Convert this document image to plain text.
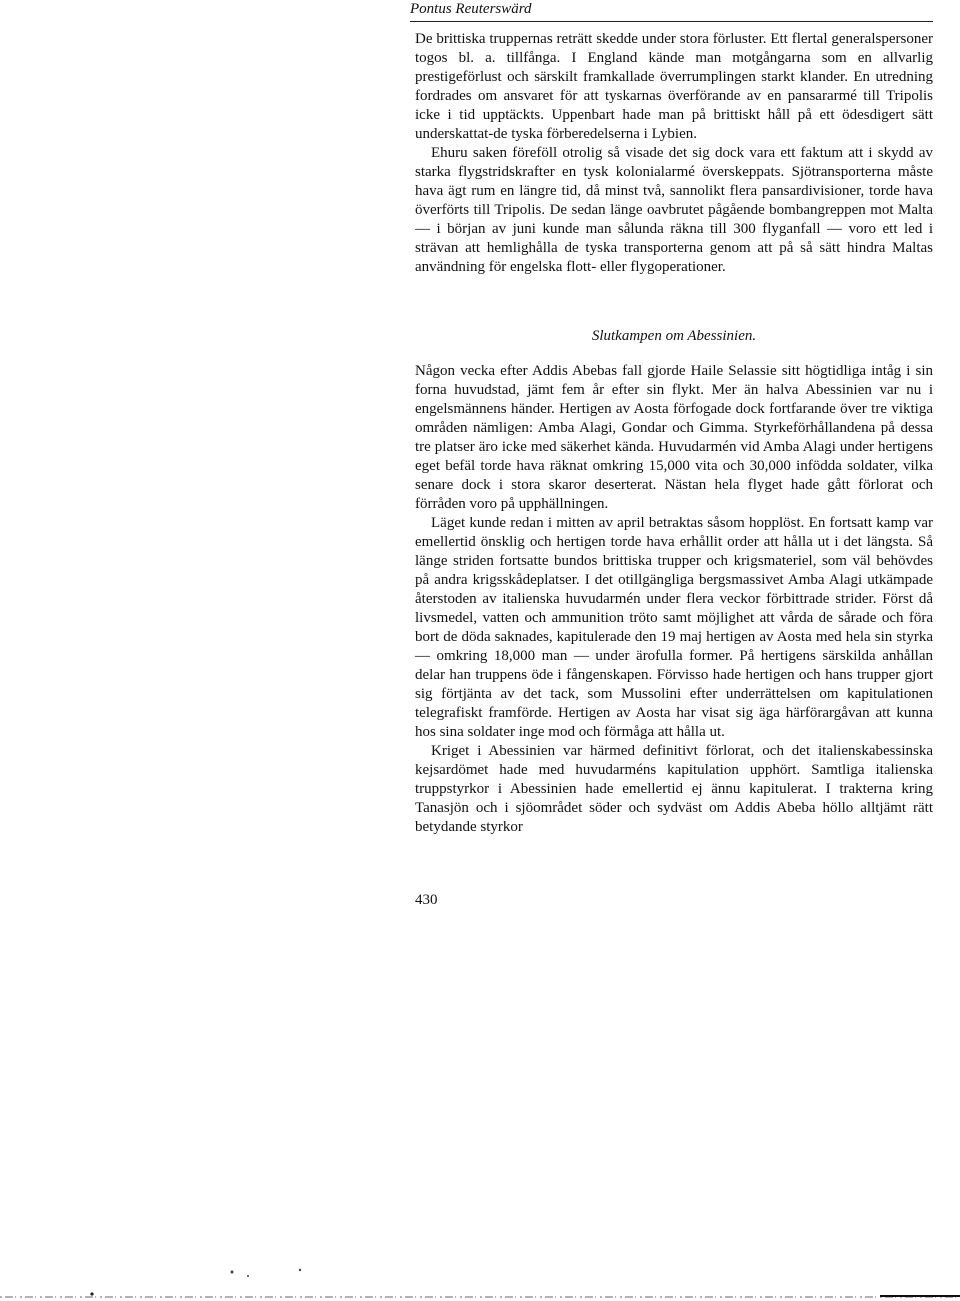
Pontus Reuterswärd

De brittiska truppernas reträtt skedde under stora förluster. Ett flertal generalspersoner togos bl. a. tillfånga. I England kände man motgångarna som en allvarlig prestigeförlust och särskilt framkallade överrumplingen starkt klander. En utredning fordrades om ansvaret för att tyskarnas överförande av en pansararmé till Tripolis icke i tid upptäckts. Uppenbart hade man på brittiskt håll på ett ödesdigert sätt underskattat-de tyska förberedelserna i Lybien.

Ehuru saken föreföll otrolig så visade det sig dock vara ett faktum att i skydd av starka flygstridskrafter en tysk kolonialarmé överskeppats. Sjötransporterna måste hava ägt rum en längre tid, då minst två, sannolikt flera pansardivisioner, torde hava överförts till Tripolis. De sedan länge oavbrutet pågående bombangreppen mot Malta — i början av juni kunde man sålunda räkna till 300 flyganfall — voro ett led i strävan att hemlighålla de tyska transporterna genom att på så sätt hindra Maltas användning för engelska flott- eller flygoperationer.

Slutkampen om Abessinien.

Någon vecka efter Addis Abebas fall gjorde Haile Selassie sitt högtidliga intåg i sin forna huvudstad, jämt fem år efter sin flykt. Mer än halva Abessinien var nu i engelsmännens händer. Hertigen av Aosta förfogade dock fortfarande över tre viktiga områden nämligen: Amba Alagi, Gondar och Gimma. Styrkeförhållandena på dessa tre platser äro icke med säkerhet kända. Huvudarmén vid Amba Alagi under hertigens eget befäl torde hava räknat omkring 15,000 vita och 30,000 infödda soldater, vilka senare dock i stora skaror deserterat. Nästan hela flyget hade gått förlorat och förråden voro på upphällningen.

Läget kunde redan i mitten av april betraktas såsom hopplöst. En fortsatt kamp var emellertid önsklig och hertigen torde hava erhållit order att hålla ut i det längsta. Så länge striden fortsatte bundos brittiska trupper och krigsmateriel, som väl behövdes på andra krigsskådeplatser. I det otillgängliga bergsmassivet Amba Alagi utkämpade återstoden av italienska huvudarmén under flera veckor förbittrade strider. Först då livsmedel, vatten och ammunition tröto samt möjlighet att vårda de sårade och föra bort de döda saknades, kapitulerade den 19 maj hertigen av Aosta med hela sin styrka — omkring 18,000 man — under ärofulla former. På hertigens särskilda anhållan delar han truppens öde i fångenskapen. Förvisso hade hertigen och hans trupper gjort sig förtjänta av det tack, som Mussolini efter underrättelsen om kapitulationen telegrafiskt framförde. Hertigen av Aosta har visat sig äga härförargåvan att kunna hos sina soldater inge mod och förmåga att hålla ut.

Kriget i Abessinien var härmed definitivt förlorat, och det italienskabessinska kejsardömet hade med huvudarméns kapitulation upphört. Samtliga italienska truppstyrkor i Abessinien hade emellertid ej ännu kapitulerat. I trakterna kring Tanasjön och i sjöområdet söder och sydväst om Addis Abeba höllo alltjämt rätt betydande styrkor

430
